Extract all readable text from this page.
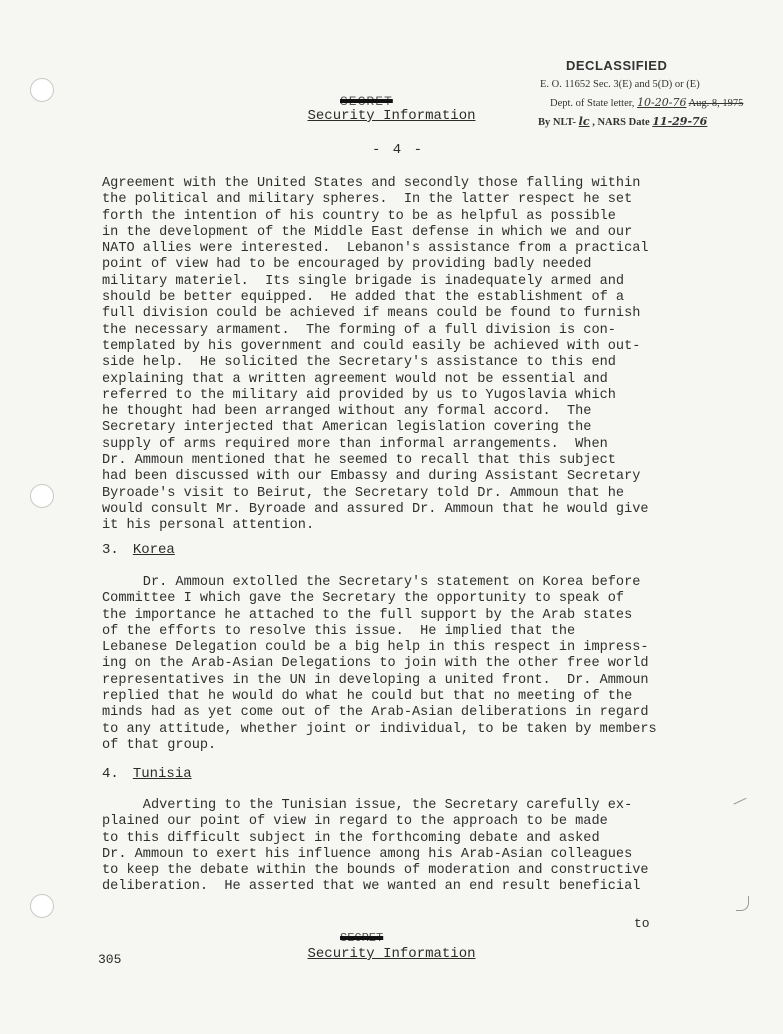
DECLASSIFIED
E. O. 11652 Sec. 3(E) and 5(D) or (E)
Dept. of State letter, 10-20-76 Aug. 8, 1975
By NLT- lc , NARS Date 11-29-76
SECRET
Security Information
- 4 -
Agreement with the United States and secondly those falling within
the political and military spheres.  In the latter respect he set
forth the intention of his country to be as helpful as possible
in the development of the Middle East defense in which we and our
NATO allies were interested.  Lebanon's assistance from a practical
point of view had to be encouraged by providing badly needed
military materiel.  Its single brigade is inadequately armed and
should be better equipped.  He added that the establishment of a
full division could be achieved if means could be found to furnish
the necessary armament.  The forming of a full division is con-
templated by his government and could easily be achieved with out-
side help.  He solicited the Secretary's assistance to this end
explaining that a written agreement would not be essential and
referred to the military aid provided by us to Yugoslavia which
he thought had been arranged without any formal accord.  The
Secretary interjected that American legislation covering the
supply of arms required more than informal arrangements.  When
Dr. Ammoun mentioned that he seemed to recall that this subject
had been discussed with our Embassy and during Assistant Secretary
Byroade's visit to Beirut, the Secretary told Dr. Ammoun that he
would consult Mr. Byroade and assured Dr. Ammoun that he would give
it his personal attention.
3. Korea
Dr. Ammoun extolled the Secretary's statement on Korea before
Committee I which gave the Secretary the opportunity to speak of
the importance he attached to the full support by the Arab states
of the efforts to resolve this issue.  He implied that the
Lebanese Delegation could be a big help in this respect in impress-
ing on the Arab-Asian Delegations to join with the other free world
representatives in the UN in developing a united front.  Dr. Ammoun
replied that he would do what he could but that no meeting of the
minds had as yet come out of the Arab-Asian deliberations in regard
to any attitude, whether joint or individual, to be taken by members
of that group.
4. Tunisia
Adverting to the Tunisian issue, the Secretary carefully ex-
plained our point of view in regard to the approach to be made
to this difficult subject in the forthcoming debate and asked
Dr. Ammoun to exert his influence among his Arab-Asian colleagues
to keep the debate within the bounds of moderation and constructive
deliberation.  He asserted that we wanted an end result beneficial
to
SECRET
Security Information
305
